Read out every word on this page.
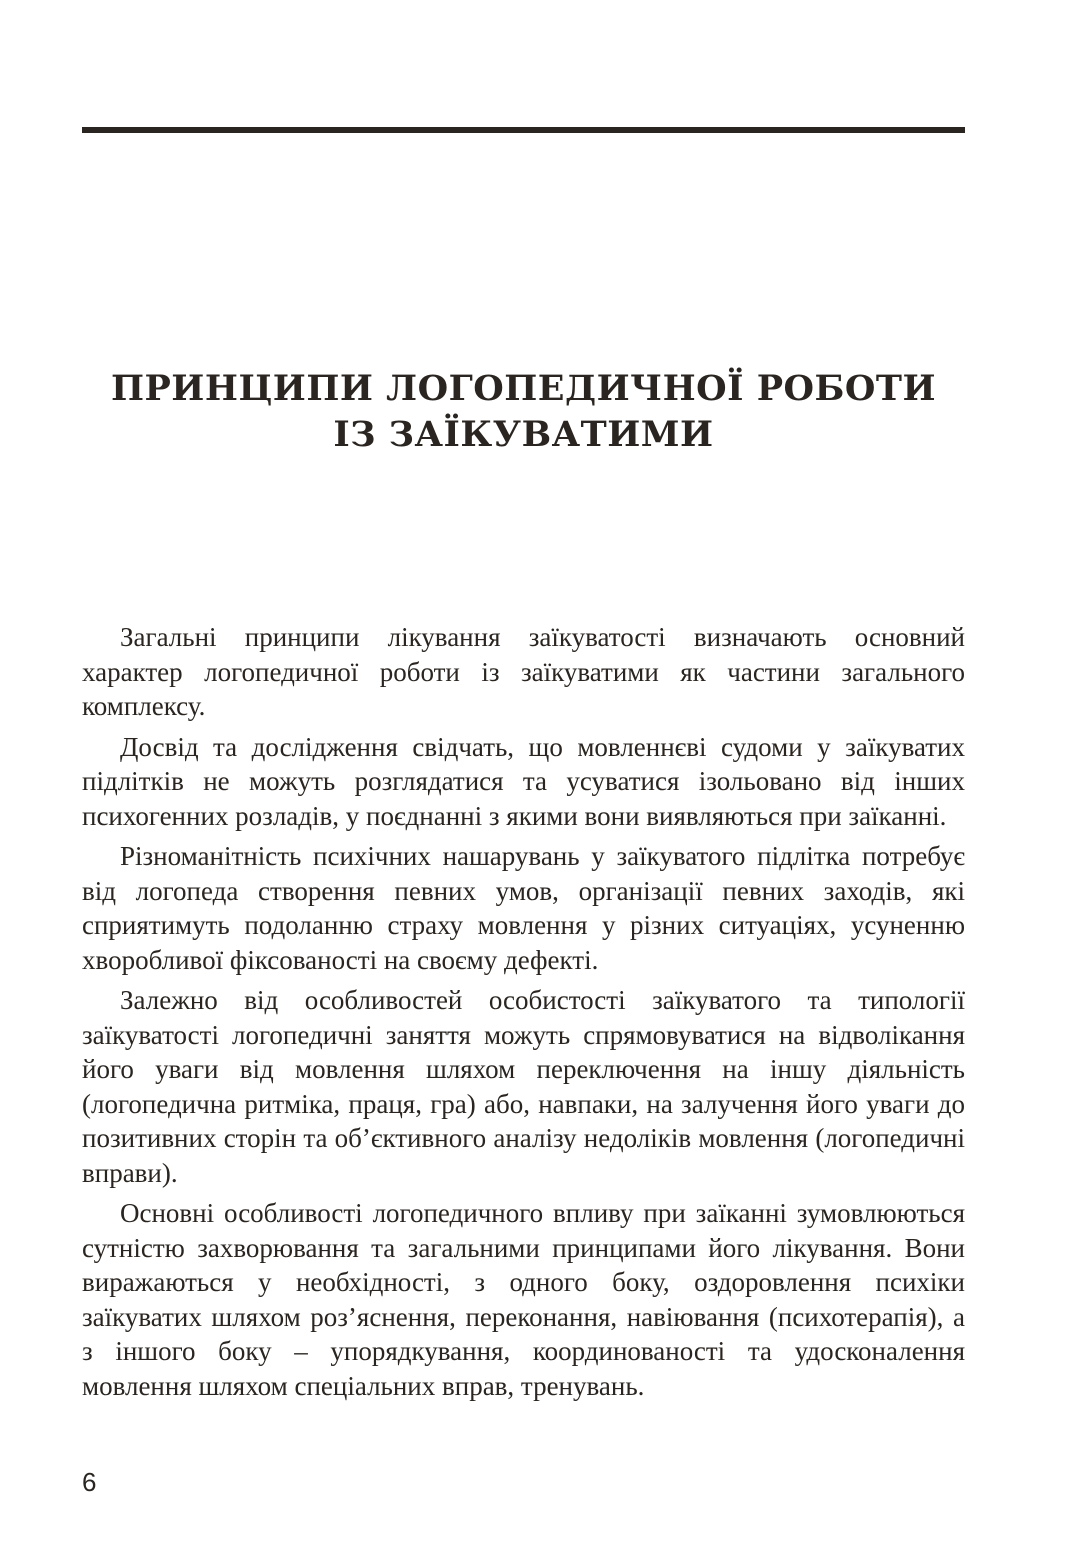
ПРИНЦИПИ ЛОГОПЕДИЧНОЇ РОБОТИ
ІЗ ЗАЇКУВАТИМИ

Загальні принципи лікування заїкуватості визначають основний характер логопедичної роботи із заїкуватими як частини загального комплексу.

Досвід та дослідження свідчать, що мовленнєві судоми у заїкуватих підлітків не можуть розглядатися та усуватися ізольовано від інших психогенних розладів, у поєднанні з якими вони виявляються при заїканні.

Різноманітність психічних нашарувань у заїкуватого підлітка потребує від логопеда створення певних умов, організації певних заходів, які сприятимуть подоланню страху мовлення у різних ситуаціях, усуненню хворобливої фіксованості на своєму дефекті.

Залежно від особливостей особистості заїкуватого та типології заїкуватості логопедичні заняття можуть спрямовуватися на відволікання його уваги від мовлення шляхом переключення на іншу діяльність (логопедична ритміка, праця, гра) або, навпаки, на залучення його уваги до позитивних сторін та об’єктивного аналізу недоліків мовлення (логопедичні вправи).

Основні особливості логопедичного впливу при заїканні зумовлюються сутністю захворювання та загальними принципами його лікування. Вони виражаються у необхідності, з одного боку, оздоровлення психіки заїкуватих шляхом роз’яснення, переконання, навіювання (психотерапія), а з іншого боку – упорядкування, координованості та удосконалення мовлення шляхом спеціальних вправ, тренувань.

6
